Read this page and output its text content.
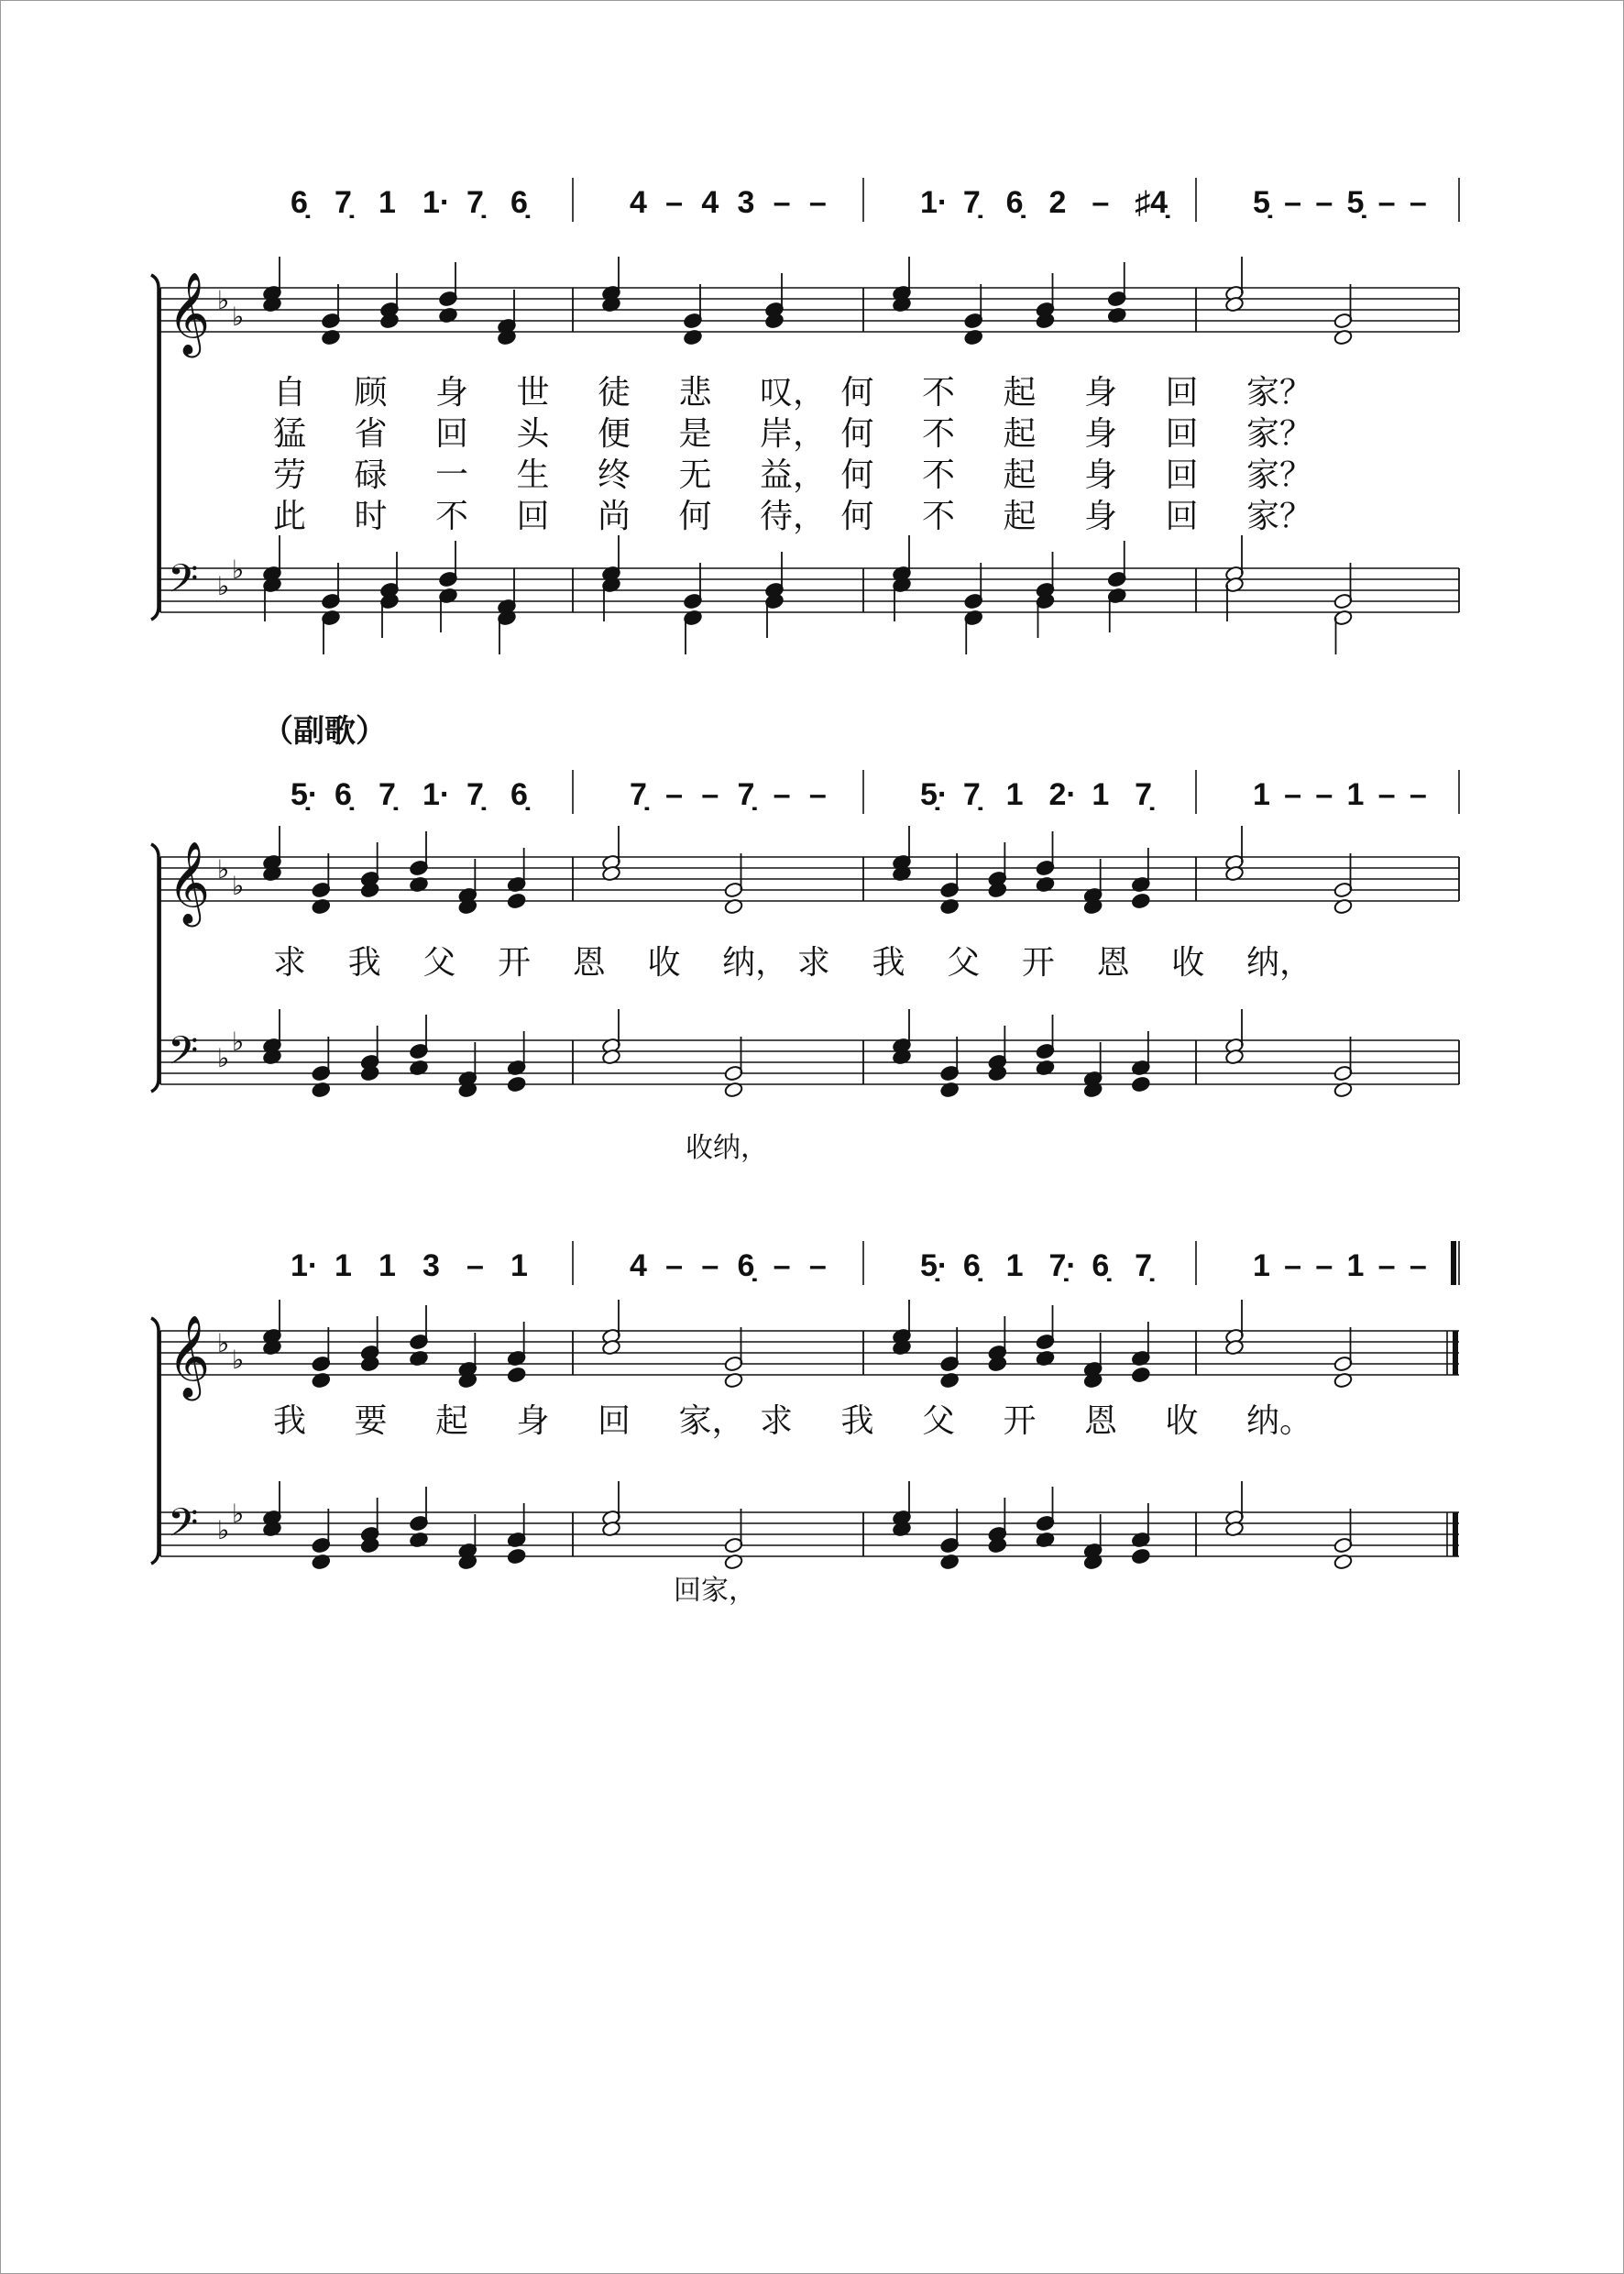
（副歌）
6̣ 7̣ 1 1· 7̣ 6̣	4 – 4 3 – –	1· 7̣ 6̣ 2 – ♯4̣	5̣ – – 5̣ – –
𝄞 ♭
♭
𝄢 ♭
♭
自 顾 身 世 徒 悲 叹， 何 不 起 身 回 家？
猛 省 回 头 便 是 岸， 何 不 起 身 回 家？
劳 碌 一 生 终 无 益， 何 不 起 身 回 家？
此 时 不 回 尚 何 待， 何 不 起 身 回 家？
5̣· 6̣ 7̣ 1· 7̣ 6̣	7̣ – – 7̣ – –	5̣· 7̣ 1 2· 1 7̣	1 – – 1 – –
𝄞 ♭
♭
𝄢 ♭
♭
求 我 父 开 恩 收 纳， 求 我 父 开 恩 收 纳，
收纳，
1· 1 1 3 – 1	4 – – 6̣ – –	5̣· 6̣ 1 7̣· 6̣ 7̣	1 – – 1 – –
𝄞 ♭
♭
𝄢 ♭
♭
我 要 起 身 回 家， 求 我 父 开 恩 收 纳。
回家，
